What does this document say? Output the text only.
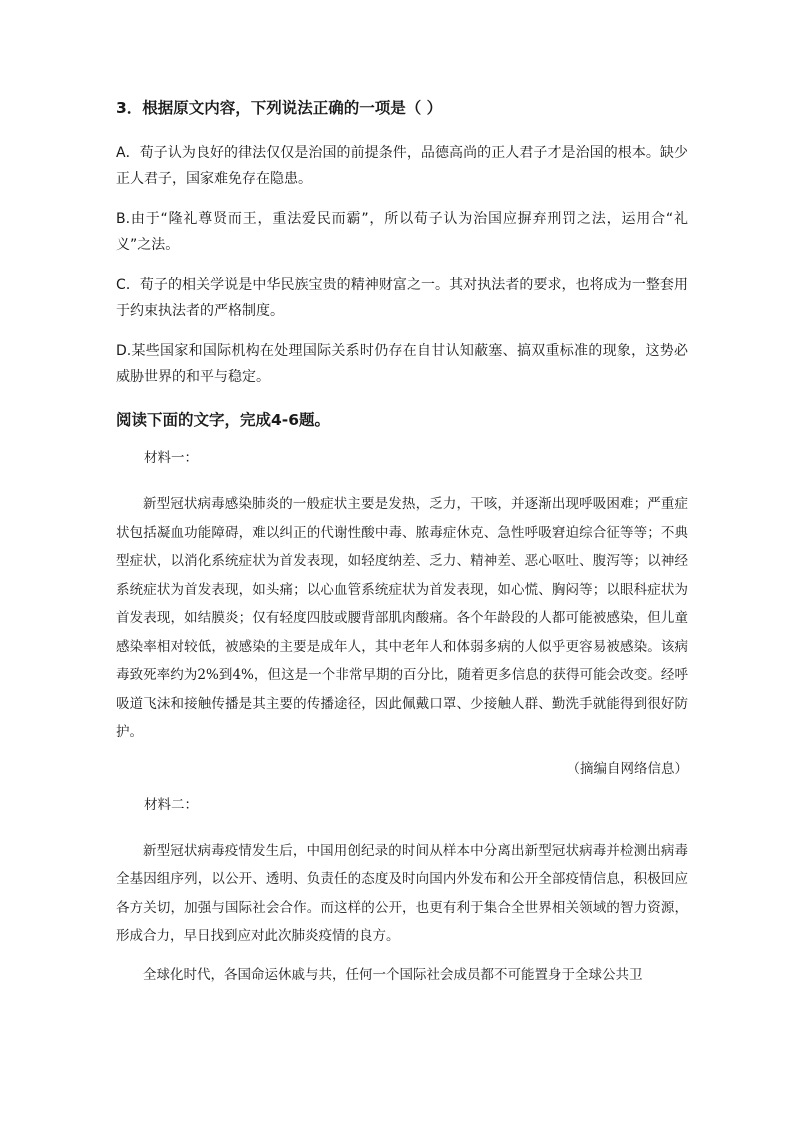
3．根据原文内容，下列说法正确的一项是（ ）
A．荀子认为良好的律法仅仅是治国的前提条件，品德高尚的正人君子才是治国的根本。缺少正人君子，国家难免存在隐患。
B.由于“隆礼尊贤而王，重法爱民而霸”，所以荀子认为治国应摒弃刑罚之法，运用合“礼义”之法。
C．荀子的相关学说是中华民族宝贵的精神财富之一。其对执法者的要求，也将成为一整套用于约束执法者的严格制度。
D.某些国家和国际机构在处理国际关系时仍存在自甘认知蔽塞、搞双重标准的现象，这势必威胁世界的和平与稳定。
阅读下面的文字，完成4-6题。
材料一：

新型冠状病毒感染肺炎的一般症状主要是发热，乏力，干咳，并逐渐出现呼吸困难；严重症状包括凝血功能障碍，难以纠正的代谢性酸中毒、脓毒症休克、急性呼吸窘迫综合征等等；不典型症状，以消化系统症状为首发表现，如轻度纳差、乏力、精神差、恶心呕吐、腹泻等；以神经系统症状为首发表现，如头痛；以心血管系统症状为首发表现，如心慌、胸闷等；以眼科症状为首发表现，如结膜炎；仅有轻度四肢或腰背部肌肉酸痛。各个年龄段的人都可能被感染，但儿童感染率相对较低，被感染的主要是成年人，其中老年人和体弱多病的人似乎更容易被感染。该病毒致死率约为2%到4%，但这是一个非常早期的百分比，随着更多信息的获得可能会改变。经呼吸道飞沫和接触传播是其主要的传播途径，因此佩戴口罩、少接触人群、勤洗手就能得到很好防护。

（摘编自网络信息）
材料二：

新型冠状病毒疫情发生后，中国用创纪录的时间从样本中分离出新型冠状病毒并检测出病毒全基因组序列，以公开、透明、负责任的态度及时向国内外发布和公开全部疫情信息，积极回应各方关切，加强与国际社会合作。而这样的公开，也更有利于集合全世界相关领域的智力资源，形成合力，早日找到应对此次肺炎疫情的良方。

全球化时代，各国命运休戚与共，任何一个国际社会成员都不可能置身于全球公共卫
